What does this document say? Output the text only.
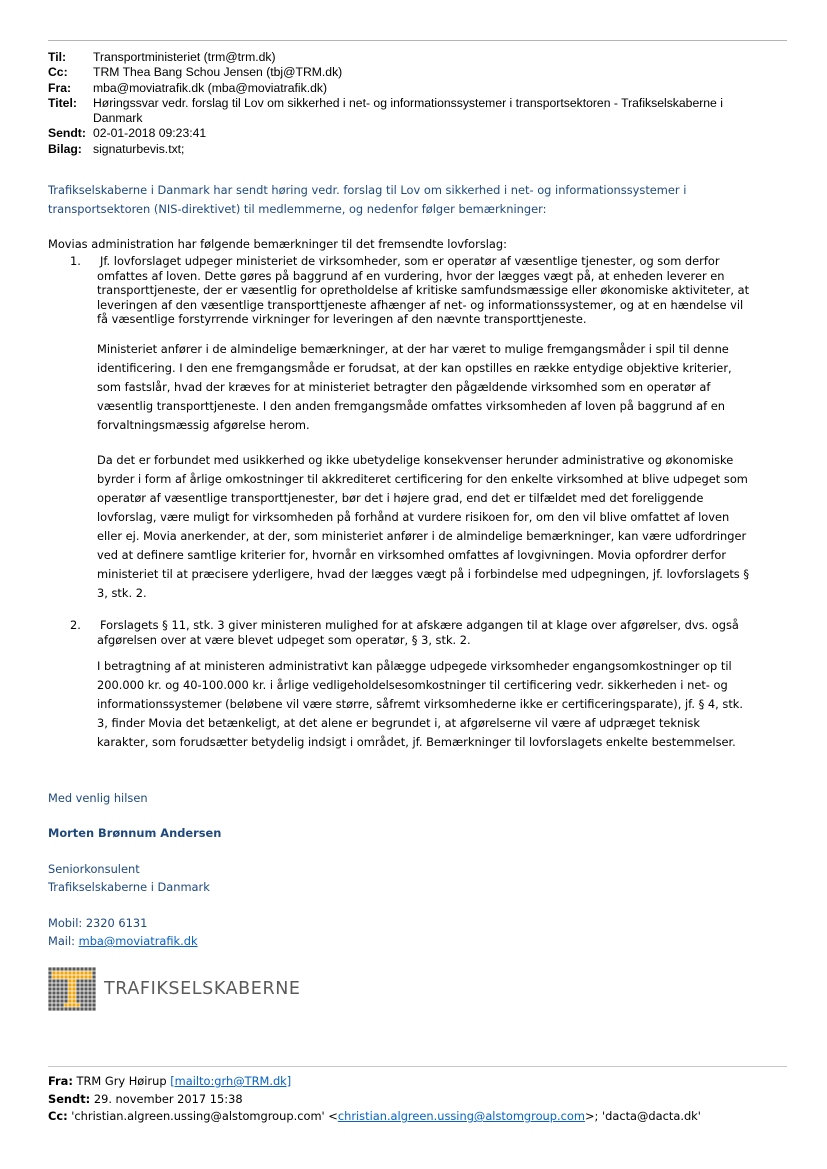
Til:	Transportministeriet (trm@trm.dk)
Cc:	TRM Thea Bang Schou Jensen (tbj@TRM.dk)
Fra:	mba@moviatrafik.dk (mba@moviatrafik.dk)
Titel:	Høringssvar vedr. forslag til Lov om sikkerhed i net- og informationssystemer i transportsektoren - Trafikselskaberne i
Danmark
Sendt: 02-01-2018 09:23:41
Bilag: signaturbevis.txt;
Trafikselskaberne i Danmark har sendt høring vedr. forslag til Lov om sikkerhed i net- og informationssystemer i
transportsektoren (NIS-direktivet) til medlemmerne, og nedenfor følger bemærkninger:
Movias administration har følgende bemærkninger til det fremsendte lovforslag:
1. Jf. lovforslaget udpeger ministeriet de virksomheder, som er operatør af væsentlige tjenester, og som derfor
omfattes af loven. Dette gøres på baggrund af en vurdering, hvor der lægges vægt på, at enheden leverer en
transporttjeneste, der er væsentlig for opretholdelse af kritiske samfundsmæssige eller økonomiske aktiviteter, at
leveringen af den væsentlige transporttjeneste afhænger af net- og informationssystemer, og at en hændelse vil
få væsentlige forstyrrende virkninger for leveringen af den nævnte transporttjeneste.
Ministeriet anfører i de almindelige bemærkninger, at der har været to mulige fremgangsmåder i spil til denne
identificering. I den ene fremgangsmåde er forudsat, at der kan opstilles en række entydige objektive kriterier,
som fastslår, hvad der kræves for at ministeriet betragter den pågældende virksomhed som en operatør af
væsentlig transporttjeneste. I den anden fremgangsmåde omfattes virksomheden af loven på baggrund af en
forvaltningsmæssig afgørelse herom.
Da det er forbundet med usikkerhed og ikke ubetydelige konsekvenser herunder administrative og økonomiske
byrder i form af årlige omkostninger til akkrediteret certificering for den enkelte virksomhed at blive udpeget som
operatør af væsentlige transporttjenester, bør det i højere grad, end det er tilfældet med det foreliggende
lovforslag, være muligt for virksomheden på forhånd at vurdere risikoen for, om den vil blive omfattet af loven
eller ej. Movia anerkender, at der, som ministeriet anfører i de almindelige bemærkninger, kan være udfordringer
ved at definere samtlige kriterier for, hvornår en virksomhed omfattes af lovgivningen. Movia opfordrer derfor
ministeriet til at præcisere yderligere, hvad der lægges vægt på i forbindelse med udpegningen, jf. lovforslagets §
3, stk. 2.
2. Forslagets § 11, stk. 3 giver ministeren mulighed for at afskære adgangen til at klage over afgørelser, dvs. også
afgørelsen over at være blevet udpeget som operatør, § 3, stk. 2.
I betragtning af at ministeren administrativt kan pålægge udpegede virksomheder engangsomkostninger op til
200.000 kr. og 40-100.000 kr. i årlige vedligeholdelsesomkostninger til certificering vedr. sikkerheden i net- og
informationssystemer (beløbene vil være større, såfremt virksomhederne ikke er certificeringsparate), jf. § 4, stk.
3, finder Movia det betænkeligt, at det alene er begrundet i, at afgørelserne vil være af udpræget teknisk
karakter, som forudsætter betydelig indsigt i området, jf. Bemærkninger til lovforslagets enkelte bestemmelser.
Med venlig hilsen
Morten Brønnum Andersen
Seniorkonsulent
Trafikselskaberne i Danmark
Mobil: 2320 6131
Mail: mba@moviatrafik.dk
TRAFIKSELSKABERNE
Fra: TRM Gry Høirup [mailto:grh@TRM.dk]
Sendt: 29. november 2017 15:38
Cc: 'christian.algreen.ussing@alstomgroup.com' <christian.algreen.ussing@alstomgroup.com>; 'dacta@dacta.dk'
